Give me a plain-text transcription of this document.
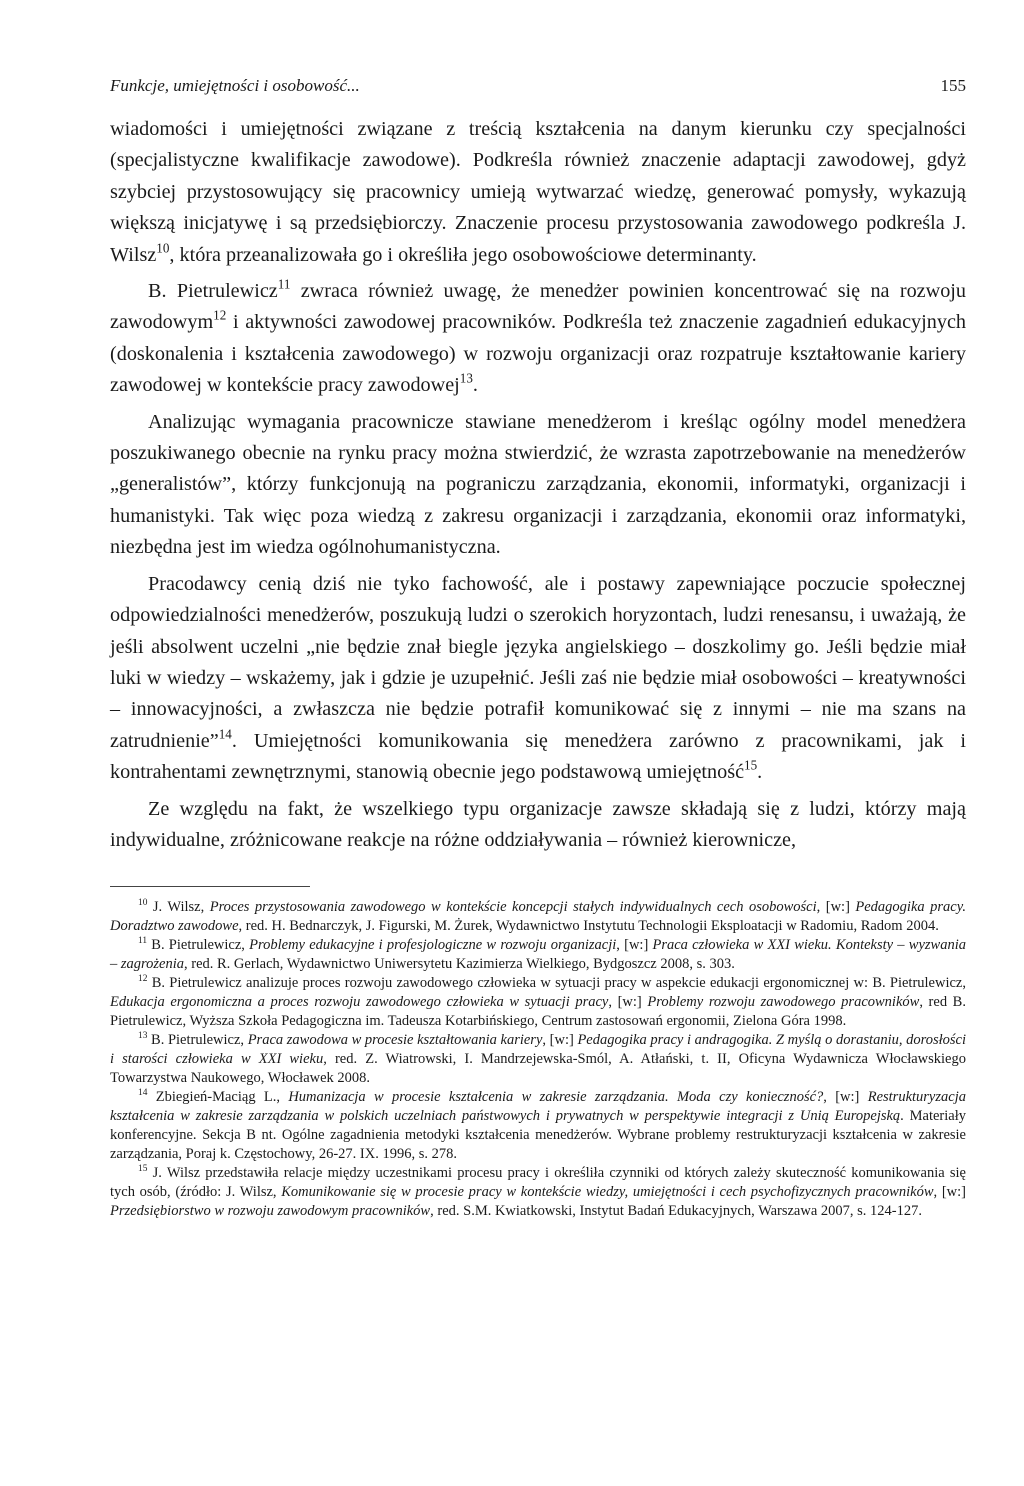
Funkcje, umiejętności i osobowość...	155

wiadomości i umiejętności związane z treścią kształcenia na danym kierunku czy specjalności (specjalistyczne kwalifikacje zawodowe). Podkreśla również znaczenie adaptacji zawodowej, gdyż szybciej przystosowujący się pracownicy umieją wytwarzać wiedzę, generować pomysły, wykazują większą inicjatywę i są przedsiębiorczy. Znaczenie procesu przystosowania zawodowego podkreśla J. Wilsz$^{10}$, która przeanalizowała go i określiła jego osobowościowe determinanty.

B. Pietrulewicz$^{11}$ zwraca również uwagę, że menedżer powinien koncentrować się na rozwoju zawodowym$^{12}$ i aktywności zawodowej pracowników. Podkreśla też znaczenie zagadnień edukacyjnych (doskonalenia i kształcenia zawodowego) w rozwoju organizacji oraz rozpatruje kształtowanie kariery zawodowej w kontekście pracy zawodowej$^{13}$.

Analizując wymagania pracownicze stawiane menedżerom i kreśląc ogólny model menedżera poszukiwanego obecnie na rynku pracy można stwierdzić, że wzrasta zapotrzebowanie na menedżerów „generalistów”, którzy funkcjonują na pograniczu zarządzania, ekonomii, informatyki, organizacji i humanistyki. Tak więc poza wiedzą z zakresu organizacji i zarządzania, ekonomii oraz informatyki, niezbędna jest im wiedza ogólnohumanistyczna.

Pracodawcy cenią dziś nie tyko fachowość, ale i postawy zapewniające poczucie społecznej odpowiedzialności menedżerów, poszukują ludzi o szerokich horyzontach, ludzi renesansu, i uważają, że jeśli absolwent uczelni „nie będzie znał biegle języka angielskiego – doszkolimy go. Jeśli będzie miał luki w wiedzy – wskażemy, jak i gdzie je uzupełnić. Jeśli zaś nie będzie miał osobowości – kreatywności – innowacyjności, a zwłaszcza nie będzie potrafił komunikować się z innymi – nie ma szans na zatrudnienie”$^{14}$. Umiejętności komunikowania się menedżera zarówno z pracownikami, jak i kontrahentami zewnętrznymi, stanowią obecnie jego podstawową umiejętność$^{15}$.

Ze względu na fakt, że wszelkiego typu organizacje zawsze składają się z ludzi, którzy mają indywidualne, zróżnicowane reakcje na różne oddziaływania – również kierownicze,

$^{10}$ J. Wilsz, Proces przystosowania zawodowego w kontekście koncepcji stałych indywidualnych cech osobowości, [w:] Pedagogika pracy. Doradztwo zawodowe, red. H. Bednarczyk, J. Figurski, M. Żurek, Wydawnictwo Instytutu Technologii Eksploatacji w Radomiu, Radom 2004.

$^{11}$ B. Pietrulewicz, Problemy edukacyjne i profesjologiczne w rozwoju organizacji, [w:] Praca człowieka w XXI wieku. Konteksty – wyzwania – zagrożenia, red. R. Gerlach, Wydawnictwo Uniwersytetu Kazimierza Wielkiego, Bydgoszcz 2008, s. 303.

$^{12}$ B. Pietrulewicz analizuje proces rozwoju zawodowego człowieka w sytuacji pracy w aspekcie edukacji ergonomicznej w: B. Pietrulewicz, Edukacja ergonomiczna a proces rozwoju zawodowego człowieka w sytuacji pracy, [w:] Problemy rozwoju zawodowego pracowników, red B. Pietrulewicz, Wyższa Szkoła Pedagogiczna im. Tadeusza Kotarbińskiego, Centrum zastosowań ergonomii, Zielona Góra 1998.

$^{13}$ B. Pietrulewicz, Praca zawodowa w procesie kształtowania kariery, [w:] Pedagogika pracy i andragogika. Z myślą o dorastaniu, dorosłości i starości człowieka w XXI wieku, red. Z. Wiatrowski, I. Mandrzejewska-Smól, A. Atłański, t. II, Oficyna Wydawnicza Włocławskiego Towarzystwa Naukowego, Włocławek 2008.

$^{14}$ Zbiegień-Maciąg L., Humanizacja w procesie kształcenia w zakresie zarządzania. Moda czy konieczność?, [w:] Restrukturyzacja kształcenia w zakresie zarządzania w polskich uczelniach państwowych i prywatnych w perspektywie integracji z Unią Europejską. Materiały konferencyjne. Sekcja B nt. Ogólne zagadnienia metodyki kształcenia menedżerów. Wybrane problemy restrukturyzacji kształcenia w zakresie zarządzania, Poraj k. Częstochowy, 26-27. IX. 1996, s. 278.

$^{15}$ J. Wilsz przedstawiła relacje między uczestnikami procesu pracy i określiła czynniki od których zależy skuteczność komunikowania się tych osób, (źródło: J. Wilsz, Komunikowanie się w procesie pracy w kontekście wiedzy, umiejętności i cech psychofizycznych pracowników, [w:] Przedsiębiorstwo w rozwoju zawodowym pracowników, red. S.M. Kwiatkowski, Instytut Badań Edukacyjnych, Warszawa 2007, s. 124-127.
